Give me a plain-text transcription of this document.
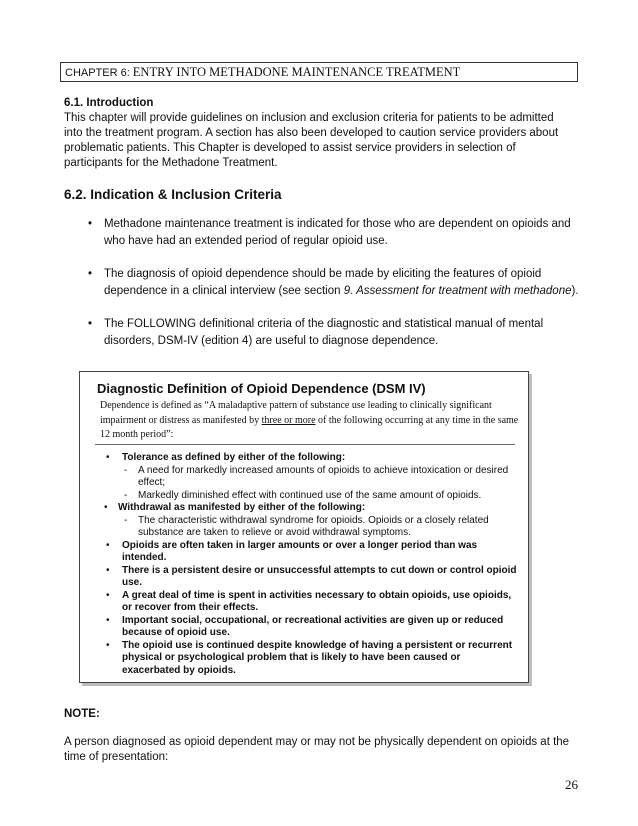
CHAPTER 6: ENTRY INTO METHADONE MAINTENANCE TREATMENT
6.1. Introduction
This chapter will provide guidelines on inclusion and exclusion criteria for patients to be admitted into the treatment program. A section has also been developed to caution service providers about problematic patients. This Chapter is developed to assist service providers in selection of participants for the Methadone Treatment.
6.2. Indication & Inclusion Criteria
• Methadone maintenance treatment is indicated for those who are dependent on opioids and who have had an extended period of regular opioid use.
• The diagnosis of opioid dependence should be made by eliciting the features of opioid dependence in a clinical interview (see section 9. Assessment for treatment with methadone).
• The FOLLOWING definitional criteria of the diagnostic and statistical manual of mental disorders, DSM-IV (edition 4) are useful to diagnose dependence.
Diagnostic Definition of Opioid Dependence (DSM IV)
Dependence is defined as “A maladaptive pattern of substance use leading to clinically significant impairment or distress as manifested by three or more of the following occurring at any time in the same 12 month period”:
• Tolerance as defined by either of the following:
- A need for markedly increased amounts of opioids to achieve intoxication or desired effect;
- Markedly diminished effect with continued use of the same amount of opioids.
• Withdrawal as manifested by either of the following:
- The characteristic withdrawal syndrome for opioids. Opioids or a closely related substance are taken to relieve or avoid withdrawal symptoms.
• Opioids are often taken in larger amounts or over a longer period than was intended.
• There is a persistent desire or unsuccessful attempts to cut down or control opioid use.
• A great deal of time is spent in activities necessary to obtain opioids, use opioids, or recover from their effects.
• Important social, occupational, or recreational activities are given up or reduced because of opioid use.
• The opioid use is continued despite knowledge of having a persistent or recurrent physical or psychological problem that is likely to have been caused or exacerbated by opioids.
NOTE:
A person diagnosed as opioid dependent may or may not be physically dependent on opioids at the time of presentation:
26
